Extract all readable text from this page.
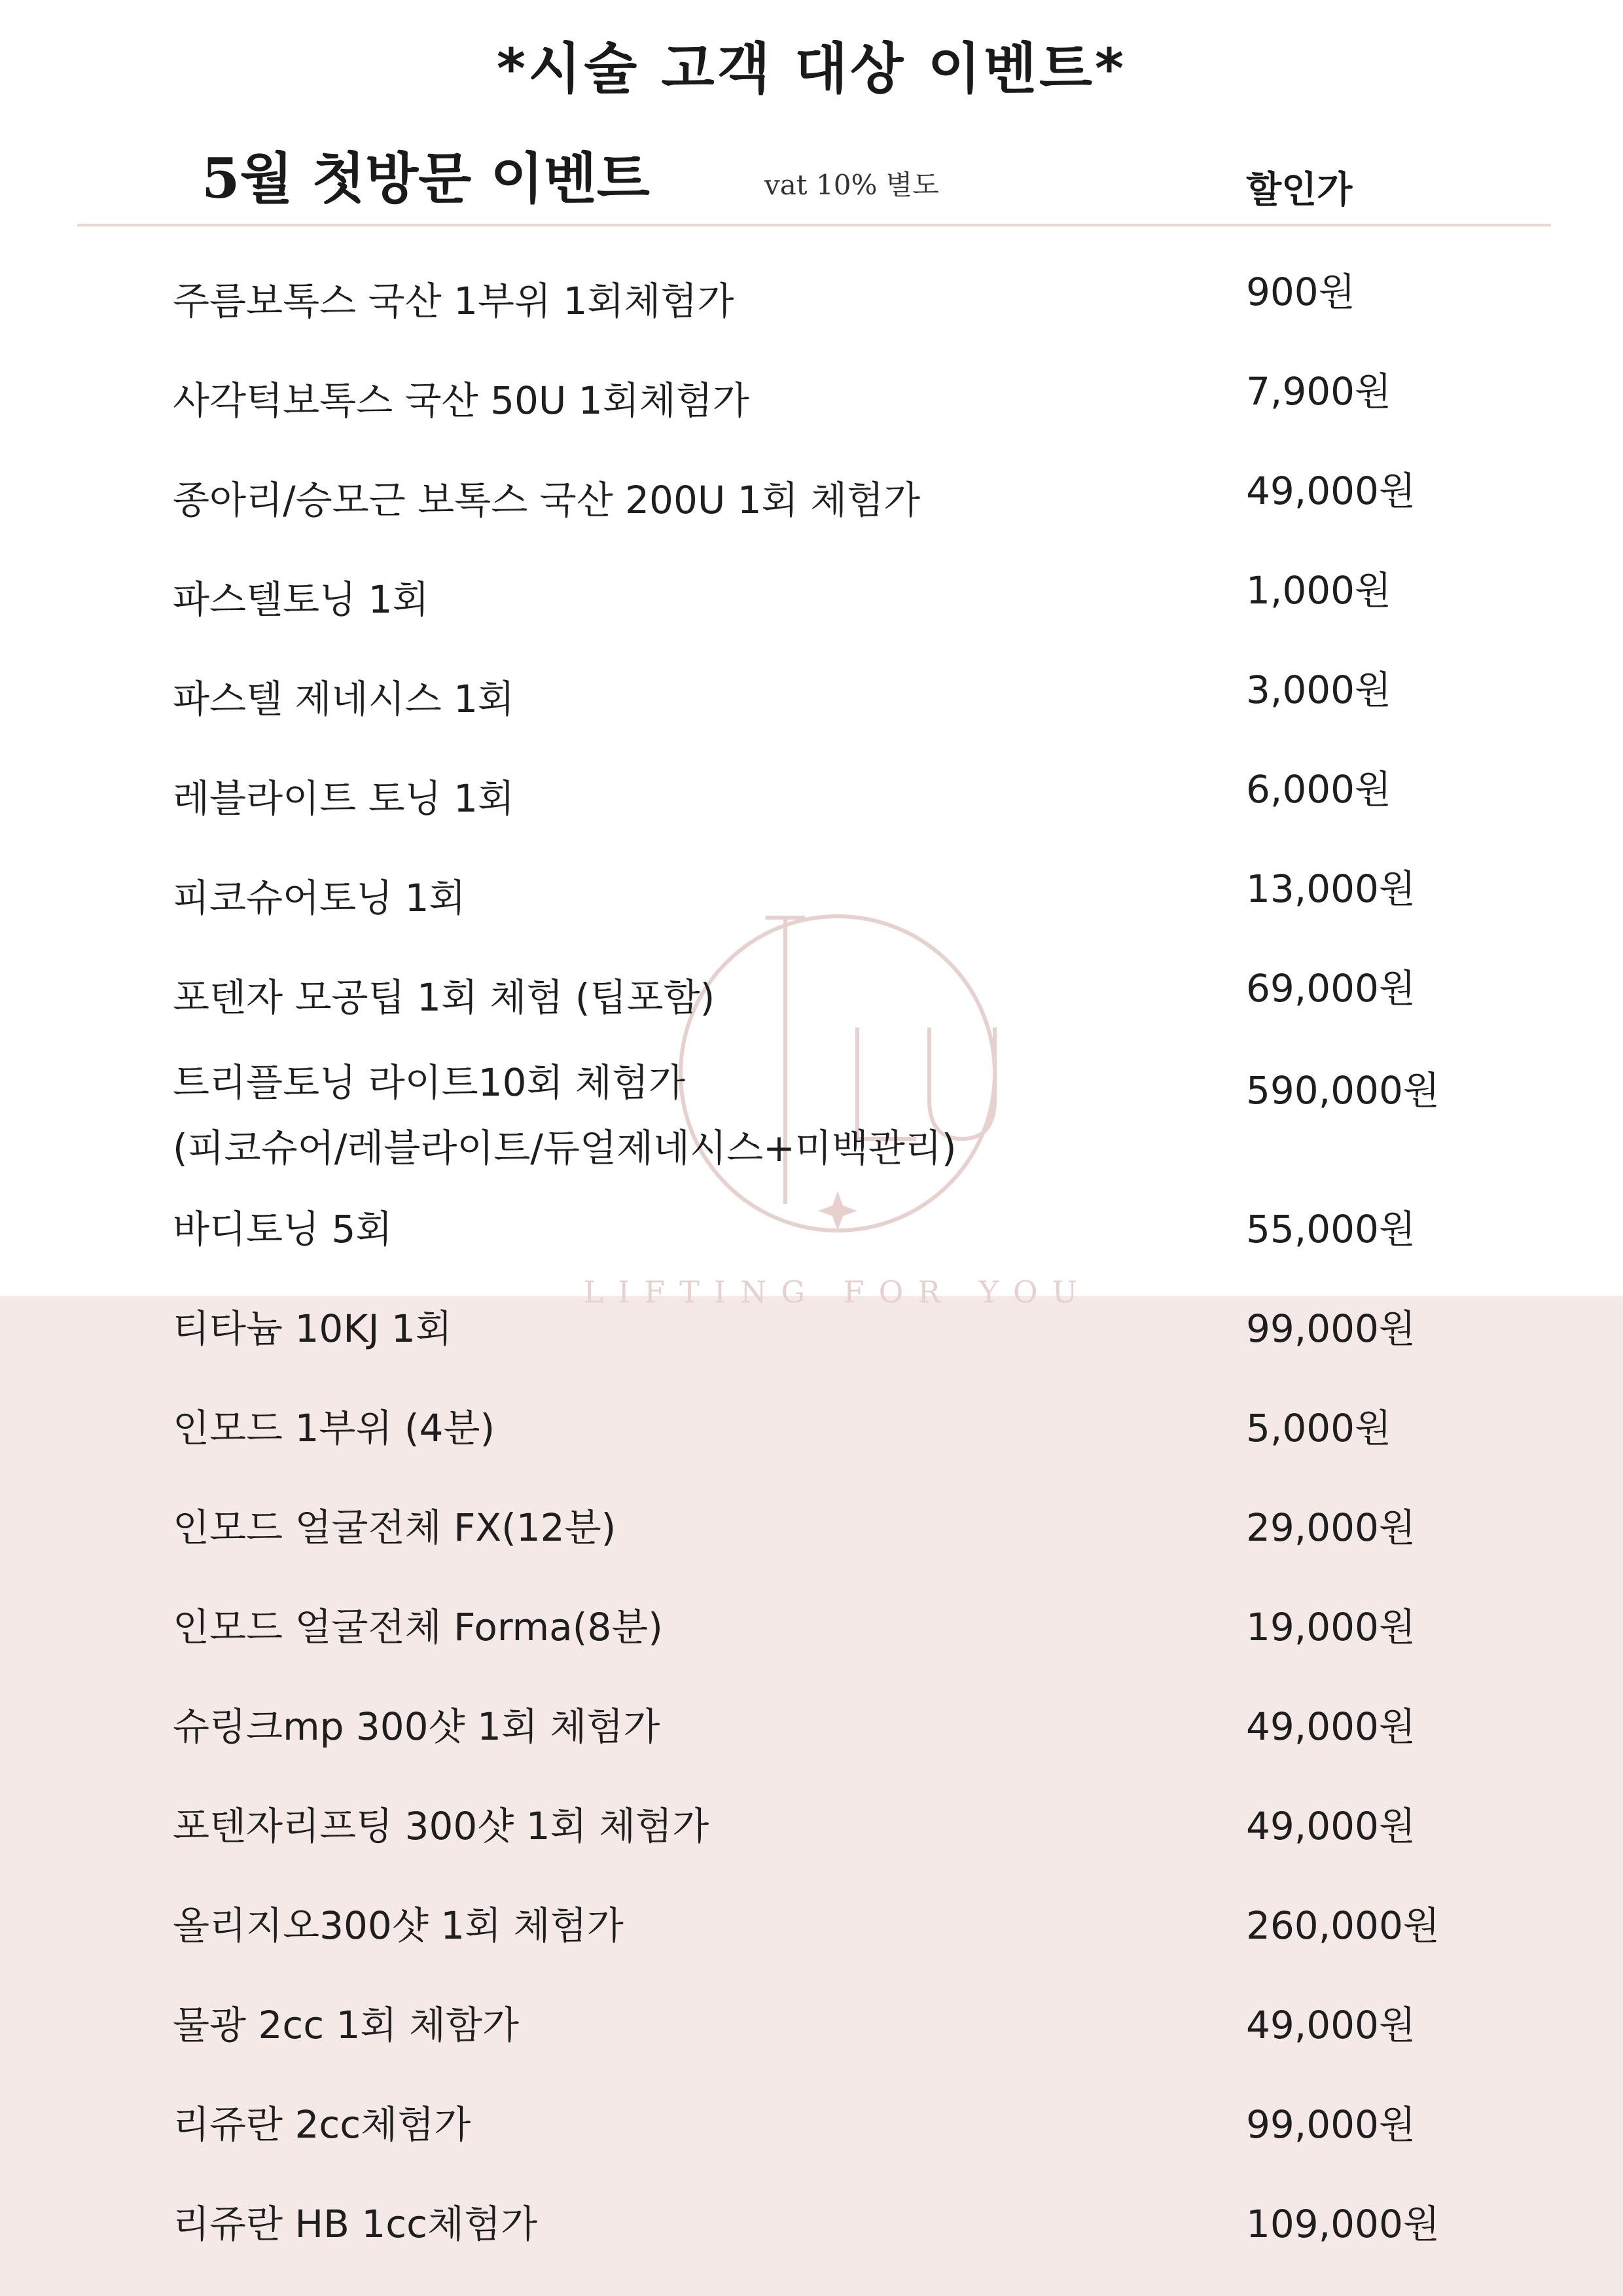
*시술 고객 대상 이벤트*
5월 첫방문 이벤트	vat 10% 별도	할인가
LIFTING FOR YOU
주름보톡스 국산 1부위 1회체험가	900원
사각턱보톡스 국산 50U 1회체험가	7,900원
종아리/승모근 보톡스 국산 200U 1회 체험가	49,000원
파스텔토닝 1회	1,000원
파스텔 제네시스 1회	3,000원
레블라이트 토닝 1회	6,000원
피코슈어토닝 1회	13,000원
포텐자 모공팁 1회 체험 (팁포함)	69,000원
트리플토닝 라이트10회 체험가
(피코슈어/레블라이트/듀얼제네시스+미백관리)
590,000원
바디토닝 5회	55,000원
티타늄 10KJ 1회	99,000원
인모드 1부위 (4분)	5,000원
인모드 얼굴전체 FX(12분)	29,000원
인모드 얼굴전체 Forma(8분)	19,000원
슈링크mp 300샷 1회 체험가	49,000원
포텐자리프팅 300샷 1회 체험가	49,000원
올리지오300샷 1회 체험가	260,000원
물광 2cc 1회 체함가	49,000원
리쥬란 2cc체험가	99,000원
리쥬란 HB 1cc체험가	109,000원
